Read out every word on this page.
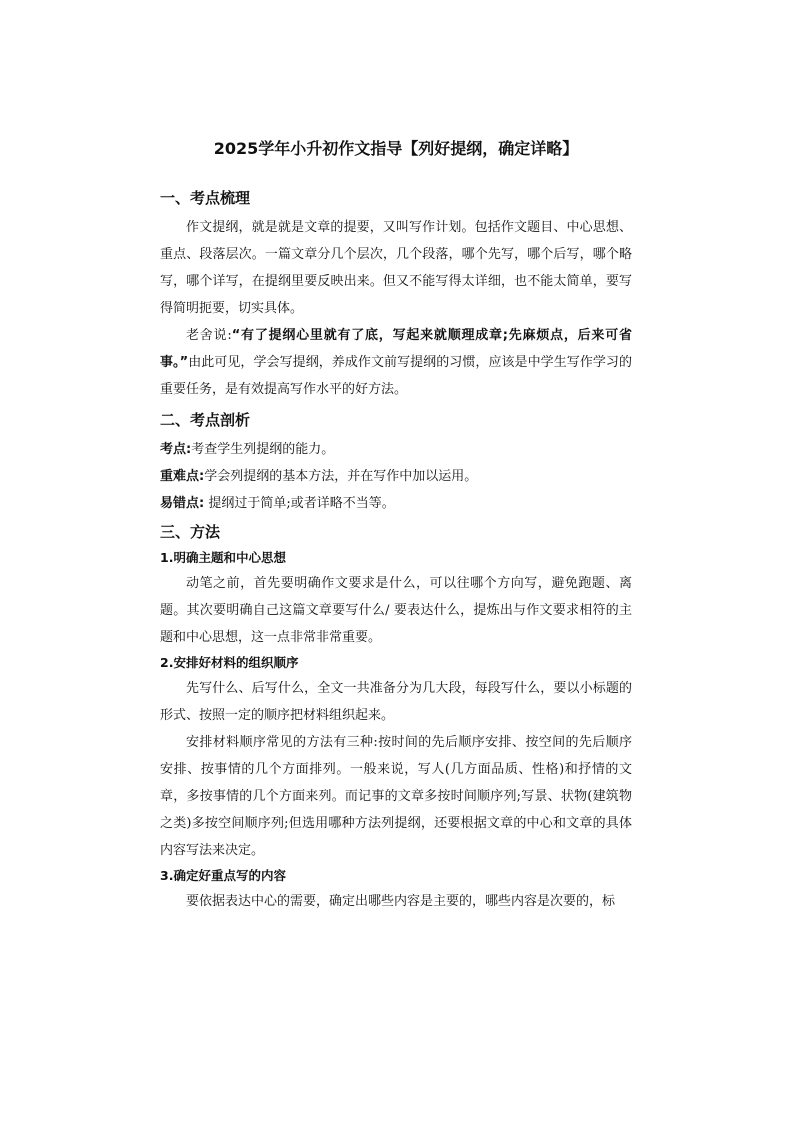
2025学年小升初作文指导【列好提纲，确定详略】
一、考点梳理

作文提纲，就是就是文章的提要，又叫写作计划。包括作文题目、中心思想、重点、段落层次。一篇文章分几个层次，几个段落，哪个先写，哪个后写，哪个略写，哪个详写，在提纲里要反映出来。但又不能写得太详细，也不能太简单，要写得简明扼要，切实具体。

老舍说:“有了提纲心里就有了底，写起来就顺理成章;先麻烦点，后来可省事。”由此可见，学会写提纲，养成作文前写提纲的习惯，应该是中学生写作学习的重要任务，是有效提高写作水平的好方法。

二、考点剖析

考点:考查学生列提纲的能力。

重难点:学会列提纲的基本方法，并在写作中加以运用。

易错点: 提纲过于简单;或者详略不当等。

三、方法
1.明确主题和中心思想

动笔之前，首先要明确作文要求是什么，可以往哪个方向写，避免跑题、离题。其次要明确自己这篇文章要写什么/ 要表达什么，提炼出与作文要求相符的主题和中心思想，这一点非常非常重要。

2.安排好材料的组织顺序

先写什么、后写什么，全文一共准备分为几大段，每段写什么，要以小标题的形式、按照一定的顺序把材料组织起来。

安排材料顺序常见的方法有三种:按时间的先后顺序安排、按空间的先后顺序安排、按事情的几个方面排列。一般来说，写人(几方面品质、性格)和抒情的文章，多按事情的几个方面来列。而记事的文章多按时间顺序列;写景、状物(建筑物之类)多按空间顺序列;但选用哪种方法列提纲，还要根据文章的中心和文章的具体内容写法来决定。

3.确定好重点写的内容

要依据表达中心的需要，确定出哪些内容是主要的，哪些内容是次要的，标
